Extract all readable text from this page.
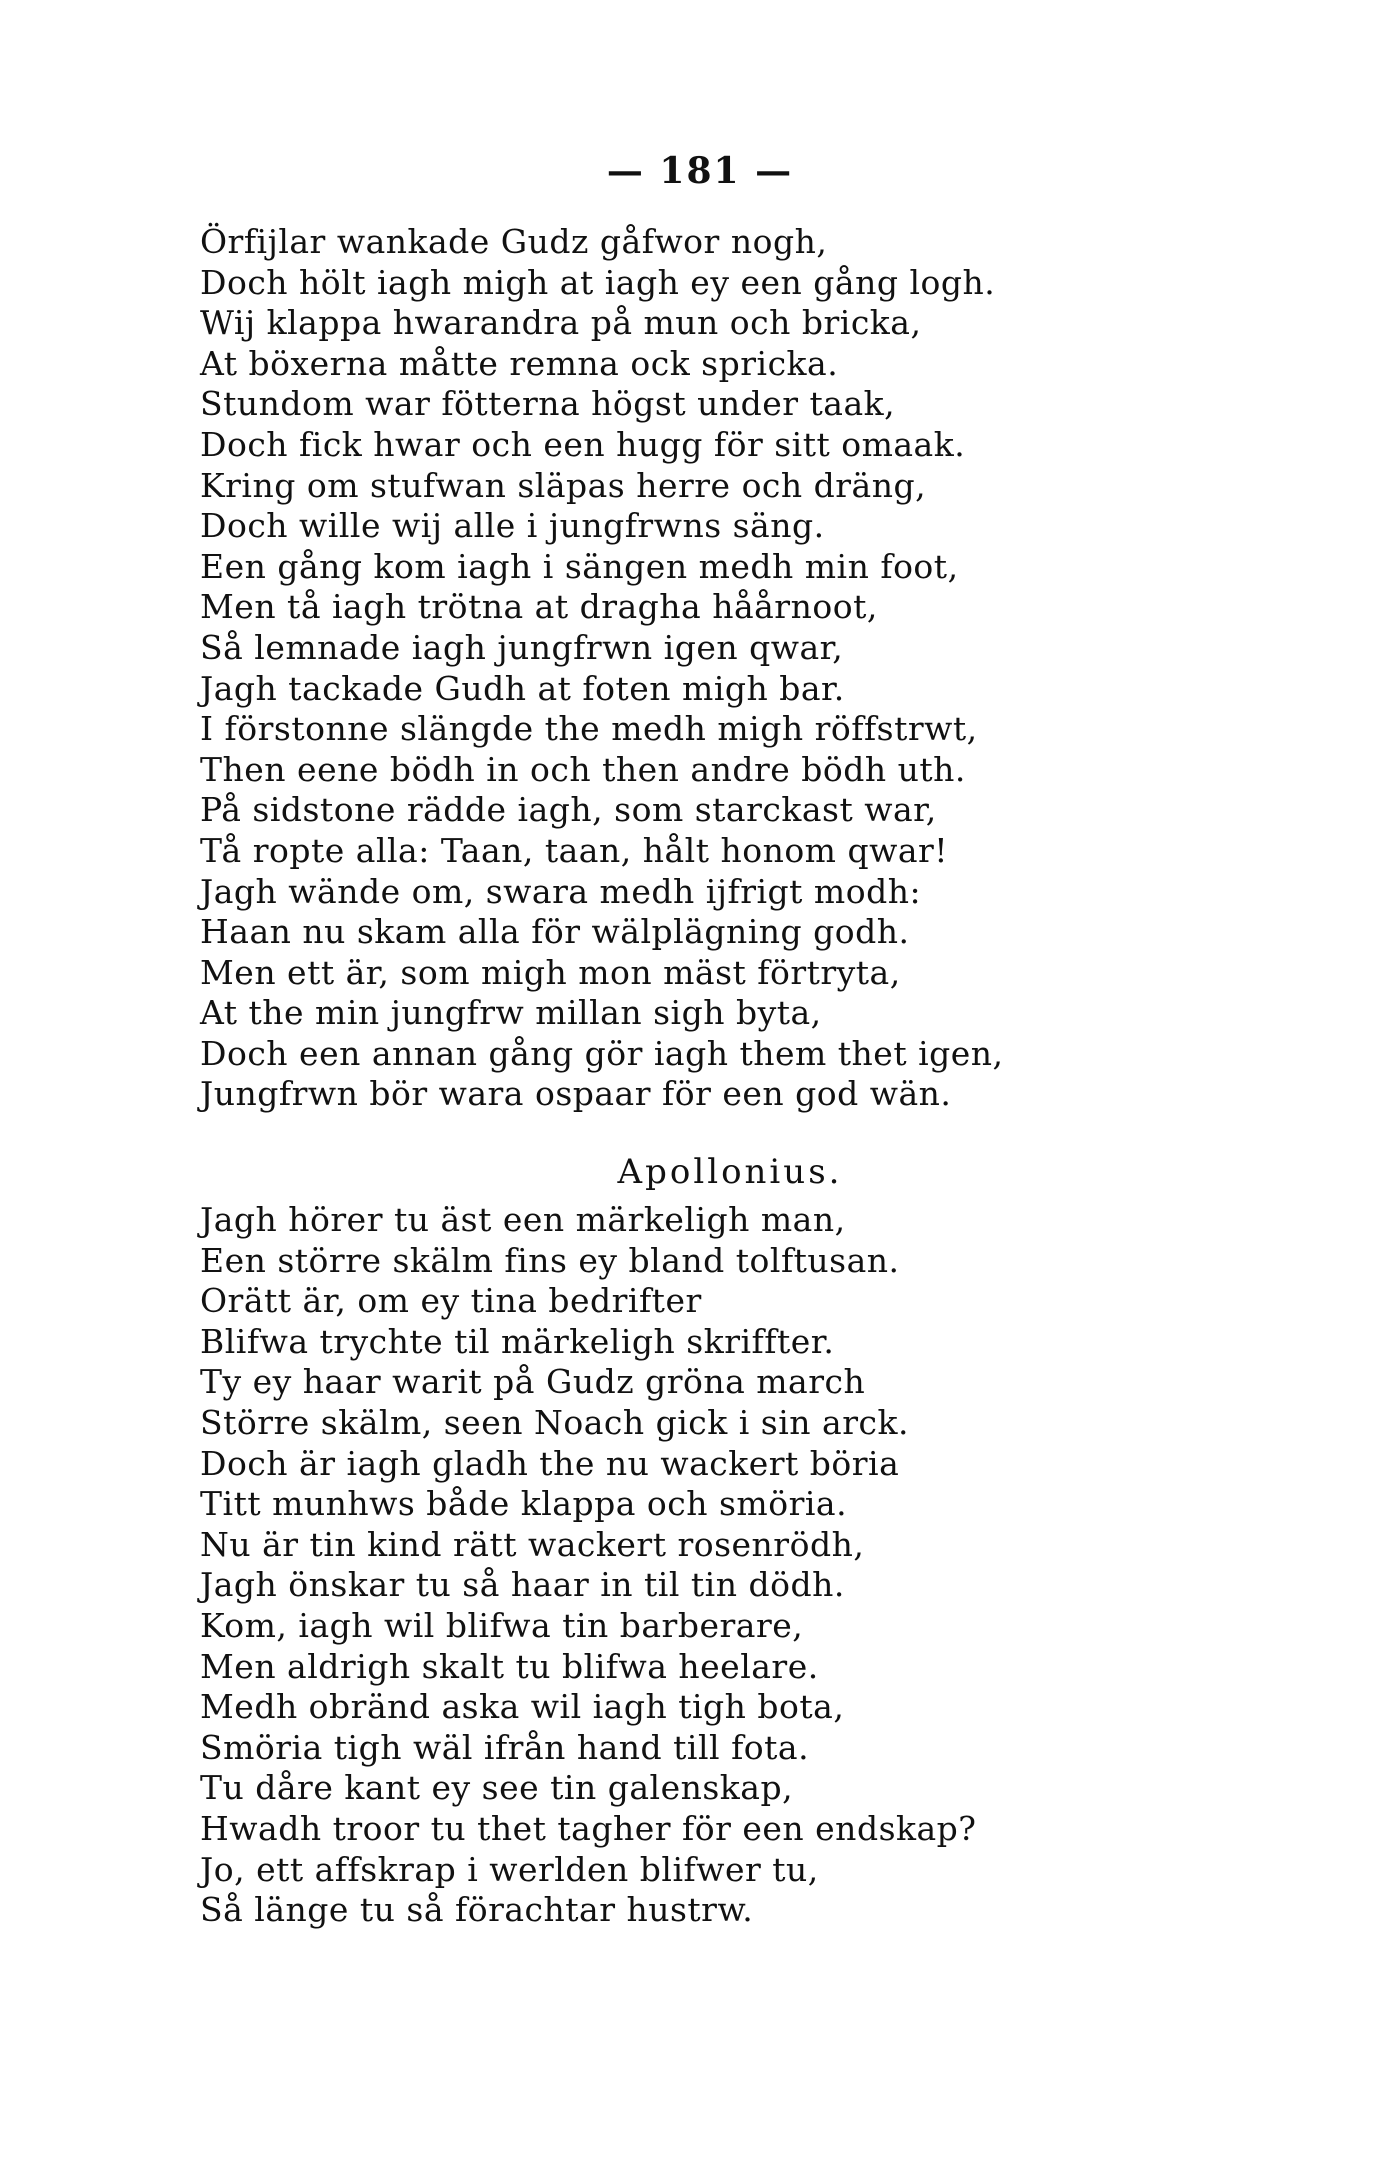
— 181 —
Örfijlar wankade Gudz gåfwor nogh,
Doch hölt iagh migh at iagh ey een gång logh.
Wij klappa hwarandra på mun och bricka,
At böxerna måtte remna ock spricka.
Stundom war fötterna högst under taak,
Doch fick hwar och een hugg för sitt omaak.
Kring om stufwan släpas herre och dräng,
Doch wille wij alle i jungfrwns säng.
Een gång kom iagh i sängen medh min foot,
Men tå iagh trötna at dragha håårnoot,
Så lemnade iagh jungfrwn igen qwar,
Jagh tackade Gudh at foten migh bar.
I förstonne slängde the medh migh röffstrwt,
Then eene bödh in och then andre bödh uth.
På sidstone rädde iagh, som starckast war,
Tå ropte alla: Taan, taan, hålt honom qwar!
Jagh wände om, swara medh ijfrigt modh:
Haan nu skam alla för wälplägning godh.
Men ett är, som migh mon mäst förtryta,
At the min jungfrw millan sigh byta,
Doch een annan gång gör iagh them thet igen,
Jungfrwn bör wara ospaar för een god wän.
Apollonius.
Jagh hörer tu äst een märkeligh man,
Een större skälm fins ey bland tolftusan.
Orätt är, om ey tina bedrifter
Blifwa trychte til märkeligh skriffter.
Ty ey haar warit på Gudz gröna march
Större skälm, seen Noach gick i sin arck.
Doch är iagh gladh the nu wackert böria
Titt munhws både klappa och smöria.
Nu är tin kind rätt wackert rosenrödh,
Jagh önskar tu så haar in til tin dödh.
Kom, iagh wil blifwa tin barberare,
Men aldrigh skalt tu blifwa heelare.
Medh obränd aska wil iagh tigh bota,
Smöria tigh wäl ifrån hand till fota.
Tu dåre kant ey see tin galenskap,
Hwadh troor tu thet tagher för een endskap?
Jo, ett affskrap i werlden blifwer tu,
Så länge tu så förachtar hustrw.
